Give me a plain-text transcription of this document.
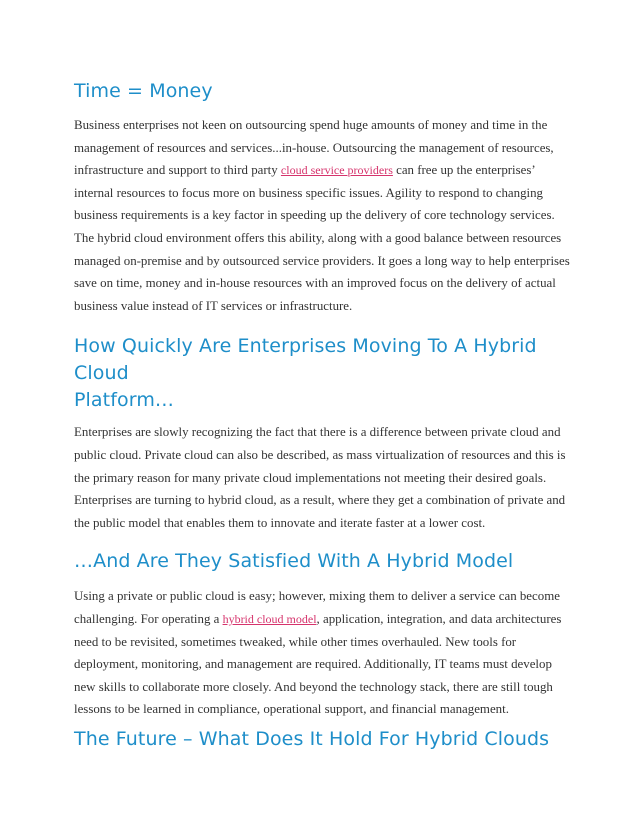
Time = Money

Business enterprises not keen on outsourcing spend huge amounts of money and time in the
management of resources and services...in-house. Outsourcing the management of resources,
infrastructure and support to third party cloud service providers can free up the enterprises’
internal resources to focus more on business specific issues. Agility to respond to changing
business requirements is a key factor in speeding up the delivery of core technology services.
The hybrid cloud environment offers this ability, along with a good balance between resources
managed on-premise and by outsourced service providers. It goes a long way to help enterprises
save on time, money and in-house resources with an improved focus on the delivery of actual
business value instead of IT services or infrastructure.

How Quickly Are Enterprises Moving To A Hybrid Cloud
Platform…

Enterprises are slowly recognizing the fact that there is a difference between private cloud and
public cloud. Private cloud can also be described, as mass virtualization of resources and this is
the primary reason for many private cloud implementations not meeting their desired goals.
Enterprises are turning to hybrid cloud, as a result, where they get a combination of private and
the public model that enables them to innovate and iterate faster at a lower cost.

…And Are They Satisfied With A Hybrid Model

Using a private or public cloud is easy; however, mixing them to deliver a service can become
challenging. For operating a hybrid cloud model, application, integration, and data architectures
need to be revisited, sometimes tweaked, while other times overhauled. New tools for
deployment, monitoring, and management are required. Additionally, IT teams must develop
new skills to collaborate more closely. And beyond the technology stack, there are still tough
lessons to be learned in compliance, operational support, and financial management.

The Future – What Does It Hold For Hybrid Clouds
